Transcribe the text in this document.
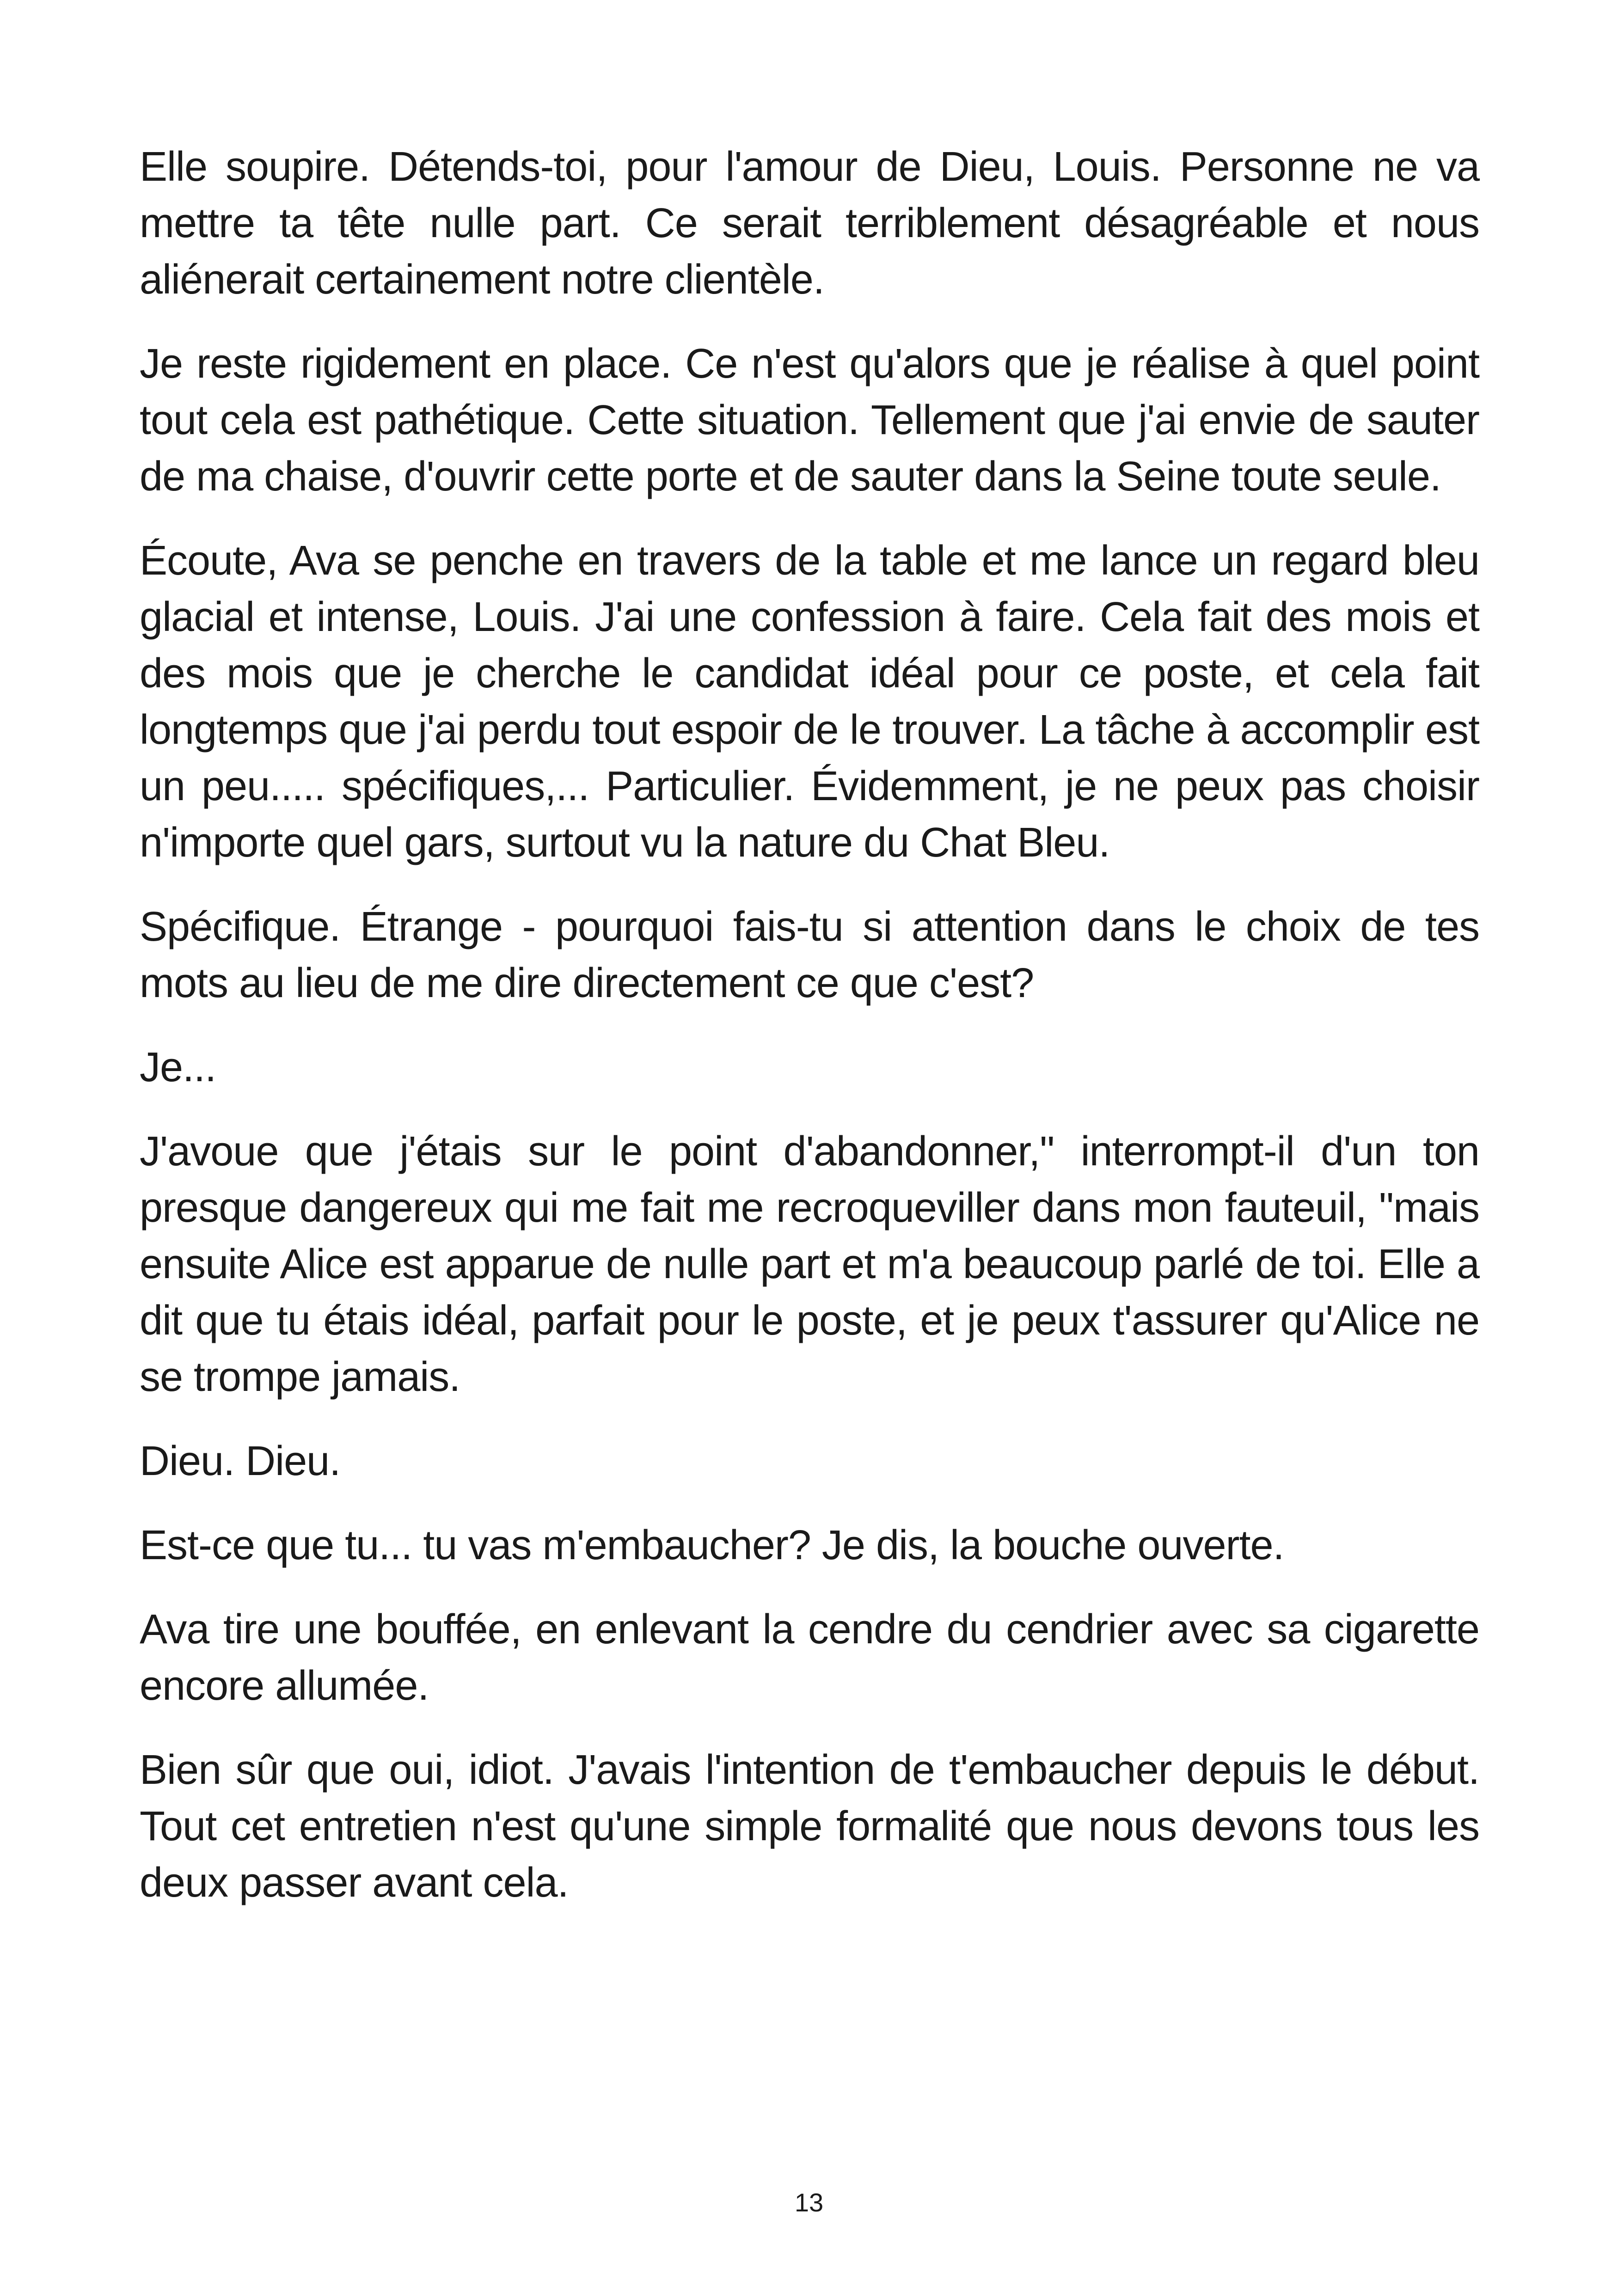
Elle soupire. Détends-toi, pour l'amour de Dieu, Louis. Personne ne va mettre ta tête nulle part. Ce serait terriblement désagréable et nous aliénerait certainement notre clientèle.

Je reste rigidement en place. Ce n'est qu'alors que je réalise à quel point tout cela est pathétique. Cette situation. Tellement que j'ai envie de sauter de ma chaise, d'ouvrir cette porte et de sauter dans la Seine toute seule.

Écoute, Ava se penche en travers de la table et me lance un regard bleu glacial et intense, Louis. J'ai une confession à faire. Cela fait des mois et des mois que je cherche le candidat idéal pour ce poste, et cela fait longtemps que j'ai perdu tout espoir de le trouver. La tâche à accomplir est un peu..... spécifiques,... Particulier. Évidemment, je ne peux pas choisir n'importe quel gars, surtout vu la nature du Chat Bleu.

Spécifique. Étrange - pourquoi fais-tu si attention dans le choix de tes mots au lieu de me dire directement ce que c'est?

Je...

J'avoue que j'étais sur le point d'abandonner," interrompt-il d'un ton presque dangereux qui me fait me recroqueviller dans mon fauteuil, "mais ensuite Alice est apparue de nulle part et m'a beaucoup parlé de toi. Elle a dit que tu étais idéal, parfait pour le poste, et je peux t'assurer qu'Alice ne se trompe jamais.

Dieu. Dieu.

Est-ce que tu... tu vas m'embaucher? Je dis, la bouche ouverte.

Ava tire une bouffée, en enlevant la cendre du cendrier avec sa cigarette encore allumée.

Bien sûr que oui, idiot. J'avais l'intention de t'embaucher depuis le début. Tout cet entretien n'est qu'une simple formalité que nous devons tous les deux passer avant cela.

13
